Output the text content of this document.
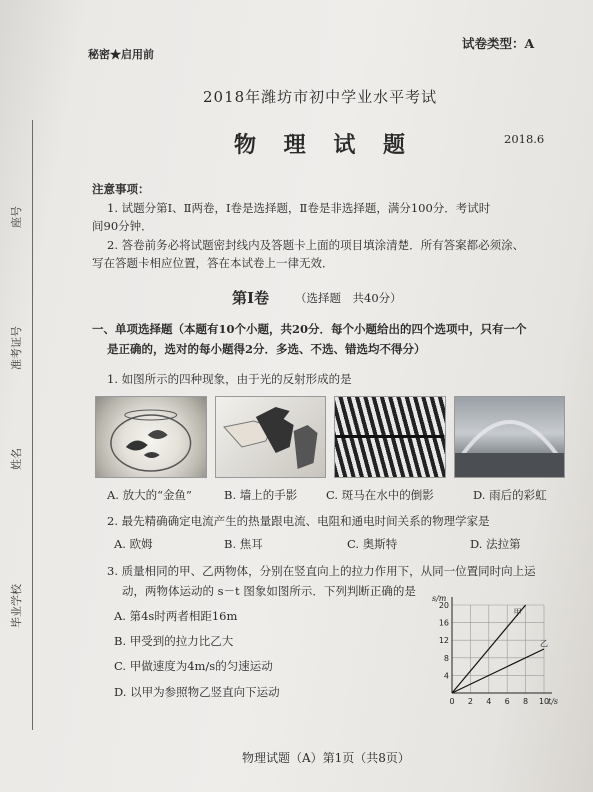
座号
准考证号
姓名
毕业学校
秘密★启用前
试卷类型：A
2018年潍坊市初中学业水平考试
物 理 试 题	2018.6
注意事项：
1. 试题分第Ⅰ、Ⅱ两卷，Ⅰ卷是选择题，Ⅱ卷是非选择题，满分100分．考试时
间90分钟．
2. 答卷前务必将试题密封线内及答题卡上面的项目填涂清楚．所有答案都必须涂、
写在答题卡相应位置，答在本试卷上一律无效．
第Ⅰ卷 （选择题　共40分）
一、单项选择题（本题有10个小题，共20分．每个小题给出的四个选项中，只有一个
是正确的，选对的每小题得2分．多选、不选、错选均不得分）
1. 如图所示的四种现象，由于光的反射形成的是
A. 放大的“金鱼”	B. 墙上的手影 C. 斑马在水中的倒影	D. 雨后的彩虹
2. 最先精确确定电流产生的热量跟电流、电阻和通电时间关系的物理学家是
A. 欧姆	B. 焦耳	C. 奥斯特	D. 法拉第
3. 质量相同的甲、乙两物体，分别在竖直向上的拉力作用下，从同一位置同时向上运
动，两物体运动的 s－t 图象如图所示．下列判断正确的是
A. 第4s时两者相距16m
B. 甲受到的拉力比乙大
C. 甲做速度为4m/s的匀速运动
D. 以甲为参照物乙竖直向下运动
0 2 4 6 8 10
4
8
12
16
20
s/m
t/s
甲
乙
物理试题（A）第1页（共8页）
